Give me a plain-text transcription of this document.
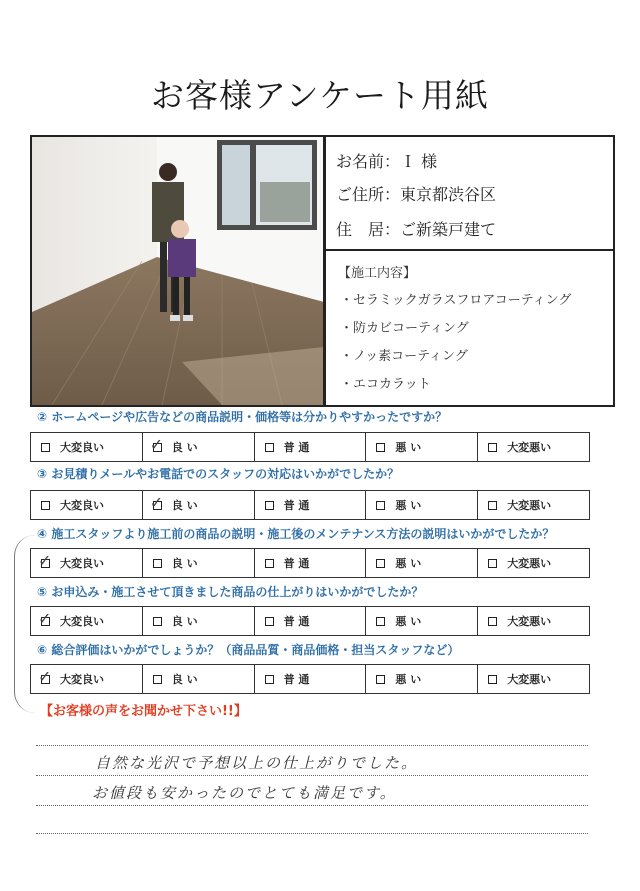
お客様アンケート用紙
お名前：Ｉ 様
ご住所：東京都渋谷区
住　居：ご新築戸建て
【施工内容】
・セラミックガラスフロアコーティング
・防カビコーティング
・ノッ素コーティング
・エコカラット
② ホームページや広告などの商品説明・価格等は分かりやすかったですか？
大変良い	✓ 良 い	普 通	悪 い	大変悪い
③ お見積りメールやお電話でのスタッフの対応はいかがでしたか？
大変良い	✓ 良 い	普 通	悪 い	大変悪い
④ 施工スタッフより施工前の商品の説明・施工後のメンテナンス方法の説明はいかがでしたか？
✓ 大変良い	良 い	普 通	悪 い	大変悪い
⑤ お申込み・施工させて頂きました商品の仕上がりはいかがでしたか？
✓ 大変良い	良 い	普 通	悪 い	大変悪い
⑥ 総合評価はいかがでしょうか？（商品品質・商品価格・担当スタッフなど）
✓ 大変良い	良 い	普 通	悪 い	大変悪い
【お客様の声をお聞かせ下さい!!】
自然な光沢で予想以上の仕上がりでした。
お値段も安かったのでとても満足です。
